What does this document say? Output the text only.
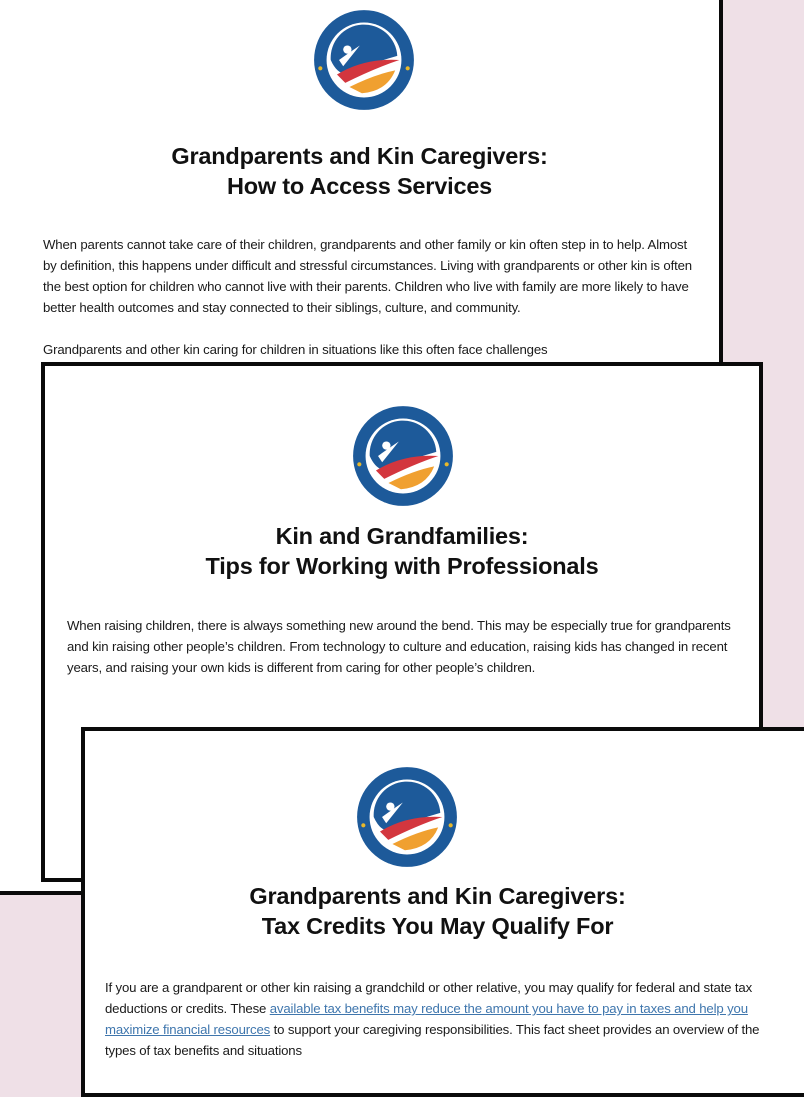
Grandparents and Kin Caregivers:
How to Access Services
When parents cannot take care of their children, grandparents and other family or kin often step in to help. Almost by definition, this happens under difficult and stressful circumstances. Living with grandparents or other kin is often the best option for children who cannot live with their parents. Children who live with family are more likely to have better health outcomes and stay connected to their siblings, culture, and community.
Grandparents and other kin caring for children in situations like this often face challenges
Kin and Grandfamilies:
Tips for Working with Professionals
When raising children, there is always something new around the bend. This may be especially true for grandparents and kin raising other people’s children. From technology to culture and education, raising kids has changed in recent years, and raising your own kids is different from caring for other people’s children.
Grandparents and Kin Caregivers:
Tax Credits You May Qualify For
If you are a grandparent or other kin raising a grandchild or other relative, you may qualify for federal and state tax deductions or credits. These available tax benefits may reduce the amount you have to pay in taxes and help you maximize financial resources to support your caregiving responsibilities. This fact sheet provides an overview of the types of tax benefits and situations
